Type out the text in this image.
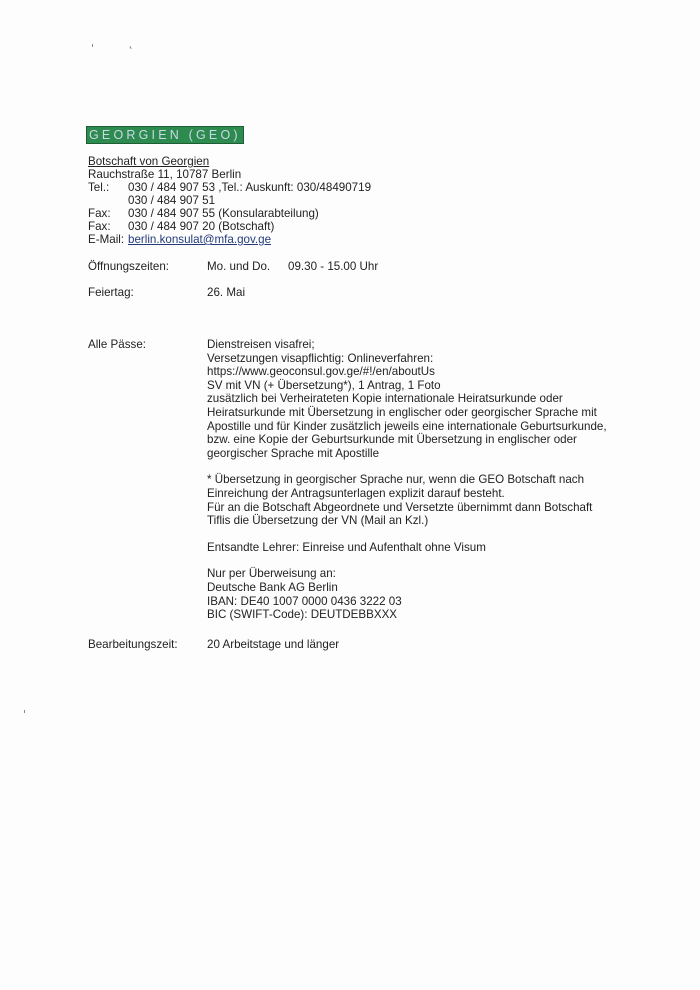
GEORGIEN (GEO)
Botschaft von Georgien
Rauchstraße 11, 10787 Berlin
Tel.: 030 / 484 907 53 ,Tel.: Auskunft: 030/48490719
030 / 484 907 51
Fax: 030 / 484 907 55 (Konsularabteilung)
Fax: 030 / 484 907 20 (Botschaft)
E-Mail: berlin.konsulat@mfa.gov.ge
Öffnungszeiten:	Mo. und Do. 09.30 - 15.00 Uhr
Feiertag:	26. Mai
Alle Pässe:	Dienstreisen visafrei;
Versetzungen visapflichtig: Onlineverfahren:
https://www.geoconsul.gov.ge/#!/en/aboutUs
SV mit VN (+ Übersetzung*), 1 Antrag, 1 Foto
zusätzlich bei Verheirateten Kopie internationale Heiratsurkunde oder
Heiratsurkunde mit Übersetzung in englischer oder georgischer Sprache mit
Apostille und für Kinder zusätzlich jeweils eine internationale Geburtsurkunde,
bzw. eine Kopie der Geburtsurkunde mit Übersetzung in englischer oder
georgischer Sprache mit Apostille
* Übersetzung in georgischer Sprache nur, wenn die GEO Botschaft nach
Einreichung der Antragsunterlagen explizit darauf besteht.
Für an die Botschaft Abgeordnete und Versetzte übernimmt dann Botschaft
Tiflis die Übersetzung der VN (Mail an Kzl.)
Entsandte Lehrer: Einreise und Aufenthalt ohne Visum
Nur per Überweisung an:
Deutsche Bank AG Berlin
IBAN: DE40 1007 0000 0436 3222 03
BIC (SWIFT-Code): DEUTDEBBXXX
Bearbeitungszeit:	20 Arbeitstage und länger
